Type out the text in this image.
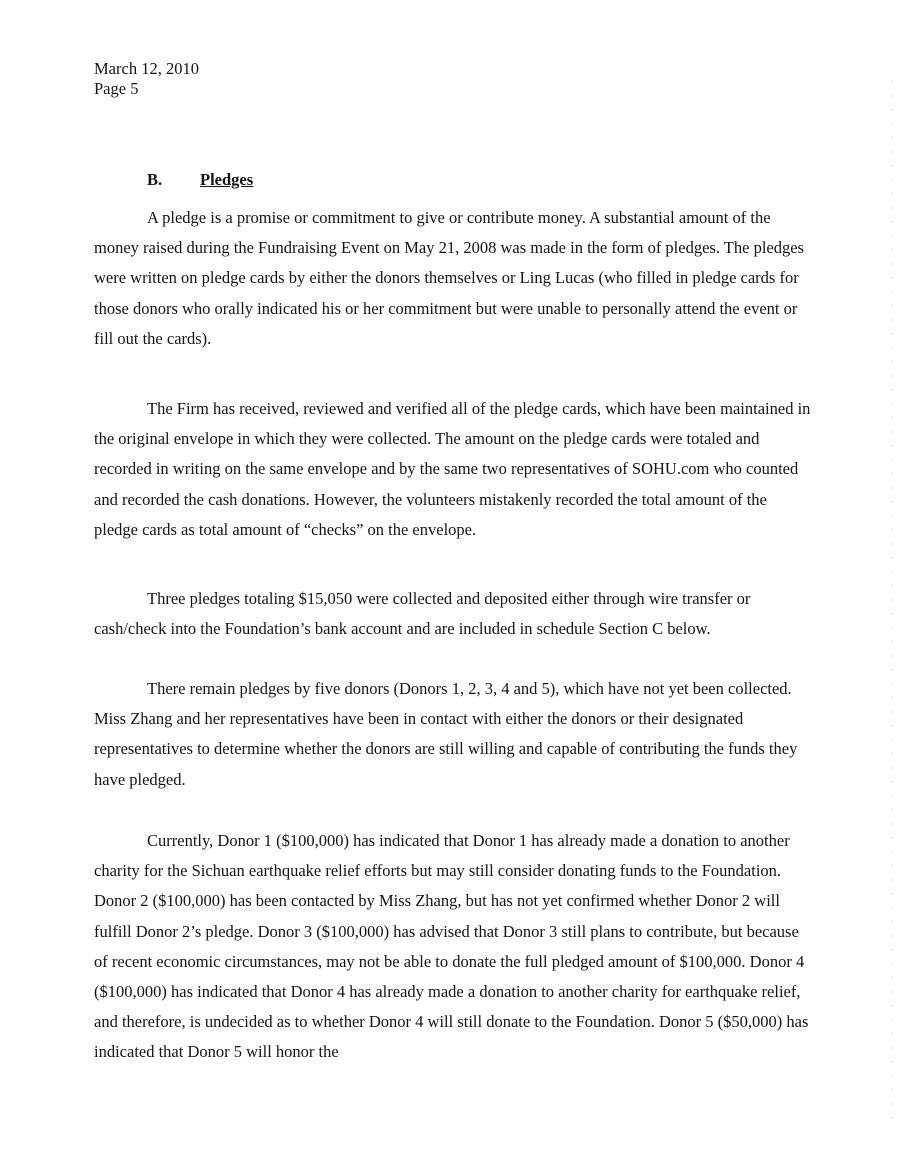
March 12, 2010
Page 5
B. Pledges

A pledge is a promise or commitment to give or contribute money. A substantial amount of the money raised during the Fundraising Event on May 21, 2008 was made in the form of pledges. The pledges were written on pledge cards by either the donors themselves or Ling Lucas (who filled in pledge cards for those donors who orally indicated his or her commitment but were unable to personally attend the event or fill out the cards).

The Firm has received, reviewed and verified all of the pledge cards, which have been maintained in the original envelope in which they were collected. The amount on the pledge cards were totaled and recorded in writing on the same envelope and by the same two representatives of SOHU.com who counted and recorded the cash donations. However, the volunteers mistakenly recorded the total amount of the pledge cards as total amount of “checks” on the envelope.

Three pledges totaling $15,050 were collected and deposited either through wire transfer or cash/check into the Foundation’s bank account and are included in schedule Section C below.

There remain pledges by five donors (Donors 1, 2, 3, 4 and 5), which have not yet been collected. Miss Zhang and her representatives have been in contact with either the donors or their designated representatives to determine whether the donors are still willing and capable of contributing the funds they have pledged.

Currently, Donor 1 ($100,000) has indicated that Donor 1 has already made a donation to another charity for the Sichuan earthquake relief efforts but may still consider donating funds to the Foundation. Donor 2 ($100,000) has been contacted by Miss Zhang, but has not yet confirmed whether Donor 2 will fulfill Donor 2’s pledge. Donor 3 ($100,000) has advised that Donor 3 still plans to contribute, but because of recent economic circumstances, may not be able to donate the full pledged amount of $100,000. Donor 4 ($100,000) has indicated that Donor 4 has already made a donation to another charity for earthquake relief, and therefore, is undecided as to whether Donor 4 will still donate to the Foundation. Donor 5 ($50,000) has indicated that Donor 5 will honor the
